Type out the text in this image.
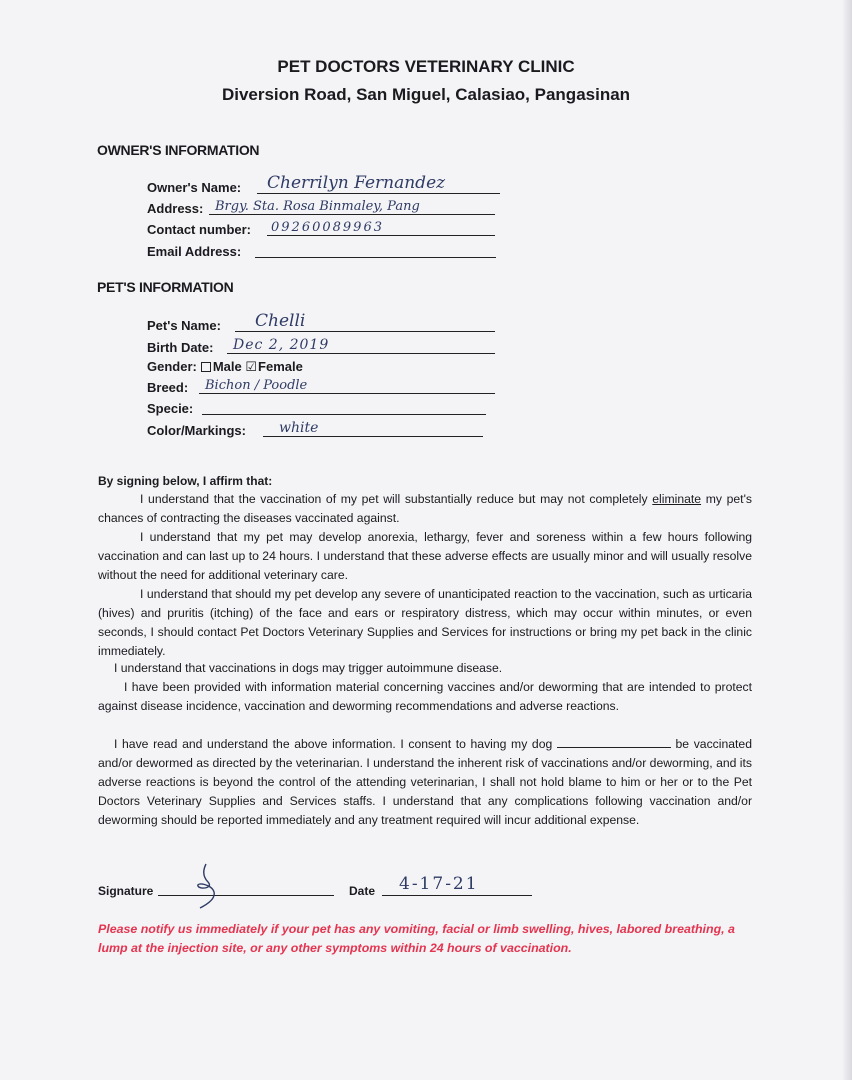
PET DOCTORS VETERINARY CLINIC
Diversion Road, San Miguel, Calasiao, Pangasinan
OWNER'S INFORMATION
Owner's Name: Cherrilyn Fernandez
Address: Brgy. Sta. Rosa Binmaley, Pang
Contact number: 09260089963
Email Address:
PET'S INFORMATION
Pet's Name: Chelli
Birth Date: Dec 2, 2019
Gender: Male ☑Female
Breed: Bichon / Poodle
Specie:
Color/Markings: white
By signing below, I affirm that:
I understand that the vaccination of my pet will substantially reduce but may not completely eliminate my pet's chances of contracting the diseases vaccinated against.
I understand that my pet may develop anorexia, lethargy, fever and soreness within a few hours following vaccination and can last up to 24 hours. I understand that these adverse effects are usually minor and will usually resolve without the need for additional veterinary care.
I understand that should my pet develop any severe of unanticipated reaction to the vaccination, such as urticaria (hives) and pruritis (itching) of the face and ears or respiratory distress, which may occur within minutes, or even seconds, I should contact Pet Doctors Veterinary Supplies and Services for instructions or bring my pet back in the clinic immediately.
I understand that vaccinations in dogs may trigger autoimmune disease.
I have been provided with information material concerning vaccines and/or deworming that are intended to protect against disease incidence, vaccination and deworming recommendations and adverse reactions.
I have read and understand the above information. I consent to having my dog	be vaccinated and/or dewormed as directed by the veterinarian. I understand the inherent risk of vaccinations and/or deworming, and its adverse reactions is beyond the control of the attending veterinarian, I shall not hold blame to him or her or to the Pet Doctors Veterinary Supplies and Services staffs. I understand that any complications following vaccination and/or deworming should be reported immediately and any treatment required will incur additional expense.
Signature	Date 4-17-21
Please notify us immediately if your pet has any vomiting, facial or limb swelling, hives, labored breathing, a lump at the injection site, or any other symptoms within 24 hours of vaccination.
